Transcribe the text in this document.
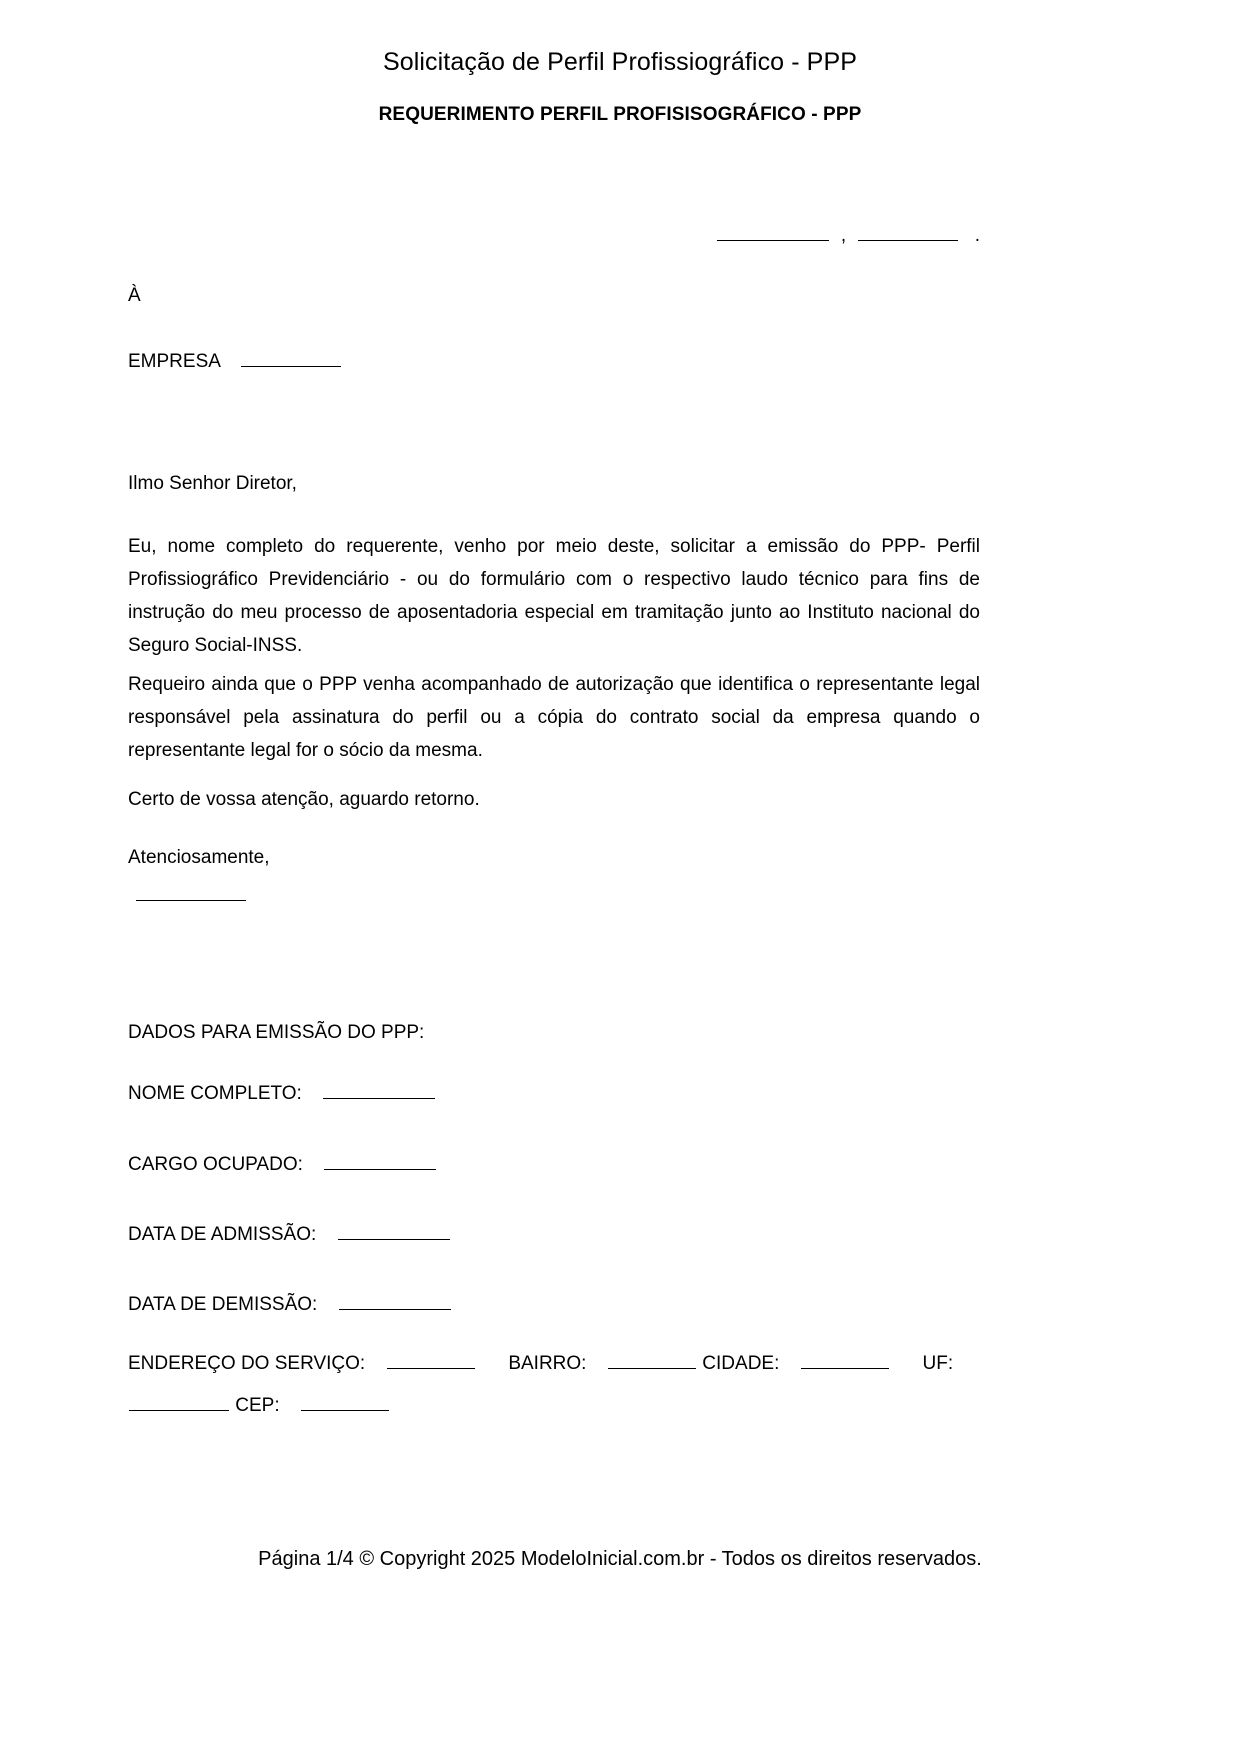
Solicitação de Perfil Profissiográfico - PPP
REQUERIMENTO PERFIL PROFISISOGRÁFICO - PPP
,	.
À
EMPRESA
Ilmo Senhor Diretor,
Eu, nome completo do requerente, venho por meio deste, solicitar a emissão do PPP- Perfil Profissiográfico Previdenciário - ou do formulário com o respectivo laudo técnico para fins de instrução do meu processo de aposentadoria especial em tramitação junto ao Instituto nacional do Seguro Social-INSS.
Requeiro ainda que o PPP venha acompanhado de autorização que identifica o representante legal responsável pela assinatura do perfil ou a cópia do contrato social da empresa quando o representante legal for o sócio da mesma.
Certo de vossa atenção, aguardo retorno.
Atenciosamente,
DADOS PARA EMISSÃO DO PPP:
NOME COMPLETO:
CARGO OCUPADO:
DATA DE ADMISSÃO:
DATA DE DEMISSÃO:
ENDEREÇO DO SERVIÇO:	BAIRRO:	CIDADE:	UF:
CEP:
Página 1/4 © Copyright 2025 ModeloInicial.com.br - Todos os direitos reservados.
